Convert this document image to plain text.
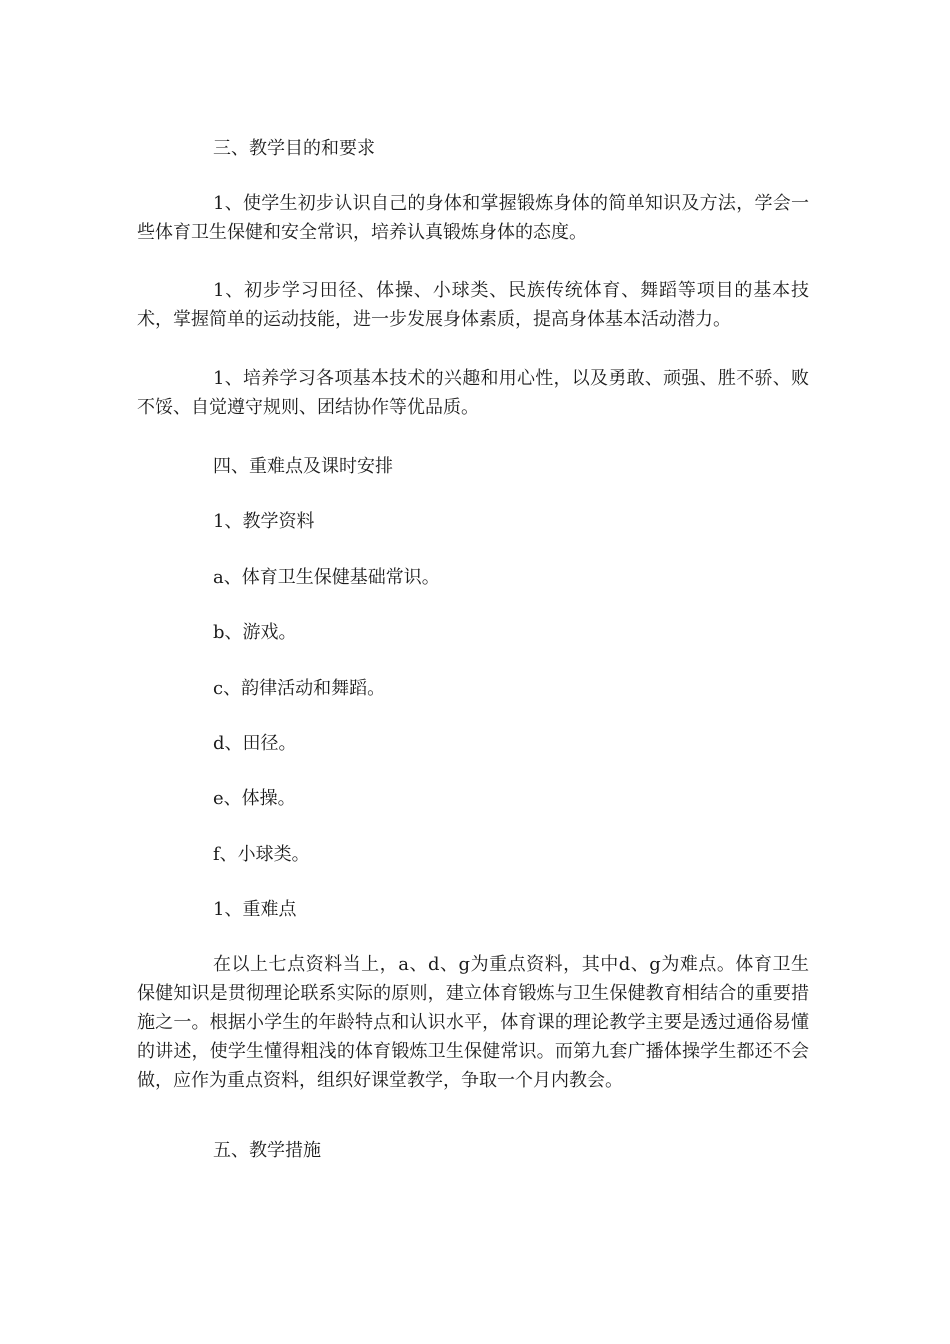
三、教学目的和要求

1、使学生初步认识自己的身体和掌握锻炼身体的简单知识及方法，学会一些体育卫生保健和安全常识，培养认真锻炼身体的态度。

1、初步学习田径、体操、小球类、民族传统体育、舞蹈等项目的基本技术，掌握简单的运动技能，进一步发展身体素质，提高身体基本活动潜力。

1、培养学习各项基本技术的兴趣和用心性，以及勇敢、顽强、胜不骄、败不馁、自觉遵守规则、团结协作等优品质。

四、重难点及课时安排

1、教学资料

a、体育卫生保健基础常识。

b、游戏。

c、韵律活动和舞蹈。

d、田径。

e、体操。

f、小球类。

1、重难点

在以上七点资料当上，a、d、g为重点资料，其中d、g为难点。体育卫生保健知识是贯彻理论联系实际的原则，建立体育锻炼与卫生保健教育相结合的重要措施之一。根据小学生的年龄特点和认识水平，体育课的理论教学主要是透过通俗易懂的讲述，使学生懂得粗浅的体育锻炼卫生保健常识。而第九套广播体操学生都还不会做，应作为重点资料，组织好课堂教学，争取一个月内教会。

五、教学措施
